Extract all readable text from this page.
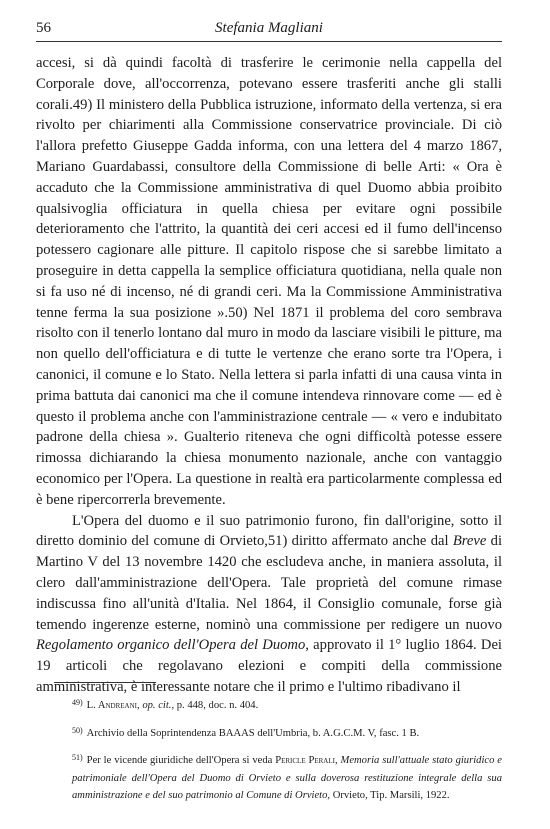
56	Stefania Magliani

accesi, si dà quindi facoltà di trasferire le cerimonie nella cappella del Corporale dove, all'occorrenza, potevano essere trasferiti anche gli stalli corali.49) Il ministero della Pubblica istruzione, informato della vertenza, si era rivolto per chiarimenti alla Commissione conservatrice provinciale. Di ciò l'allora prefetto Giuseppe Gadda informa, con una lettera del 4 marzo 1867, Mariano Guardabassi, consultore della Commissione di belle Arti: « Ora è accaduto che la Commissione amministrativa di quel Duomo abbia proibito qualsivoglia officiatura in quella chiesa per evitare ogni possibile deterioramento che l'attrito, la quantità dei ceri accesi ed il fumo dell'incenso potessero cagionare alle pitture. Il capitolo rispose che si sarebbe limitato a proseguire in detta cappella la semplice officiatura quotidiana, nella quale non si fa uso né di incenso, né di grandi ceri. Ma la Commissione Amministrativa tenne ferma la sua posizione ».50) Nel 1871 il problema del coro sembrava risolto con il tenerlo lontano dal muro in modo da lasciare visibili le pitture, ma non quello dell'officiatura e di tutte le vertenze che erano sorte tra l'Opera, i canonici, il comune e lo Stato. Nella lettera si parla infatti di una causa vinta in prima battuta dai canonici ma che il comune intendeva rinnovare come — ed è questo il problema anche con l'amministrazione centrale — « vero e indubitato padrone della chiesa ». Gualterio riteneva che ogni difficoltà potesse essere rimossa dichiarando la chiesa monumento nazionale, anche con vantaggio economico per l'Opera. La questione in realtà era particolarmente complessa ed è bene ripercorrerla brevemente.

L'Opera del duomo e il suo patrimonio furono, fin dall'origine, sotto il diretto dominio del comune di Orvieto,51) diritto affermato anche dal Breve di Martino V del 13 novembre 1420 che escludeva anche, in maniera assoluta, il clero dall'amministrazione dell'Opera. Tale proprietà del comune rimase indiscussa fino all'unità d'Italia. Nel 1864, il Consiglio comunale, forse già temendo ingerenze esterne, nominò una commissione per redigere un nuovo Regolamento organico dell'Opera del Duomo, approvato il 1° luglio 1864. Dei 19 articoli che regolavano elezioni e compiti della commissione amministrativa, è interessante notare che il primo e l'ultimo ribadivano il

$^{49)}$ L. Andreani, op. cit., p. 448, doc. n. 404.

$^{50)}$ Archivio della Soprintendenza BAAAS dell'Umbria, b. A.G.C.M. V, fasc. 1 B.

$^{51)}$ Per le vicende giuridiche dell'Opera si veda Pericle Perali, Memoria sull'attuale stato giuridico e patrimoniale dell'Opera del Duomo di Orvieto e sulla doverosa restituzione integrale della sua amministrazione e del suo patrimonio al Comune di Orvieto, Orvieto, Tip. Marsili, 1922.
